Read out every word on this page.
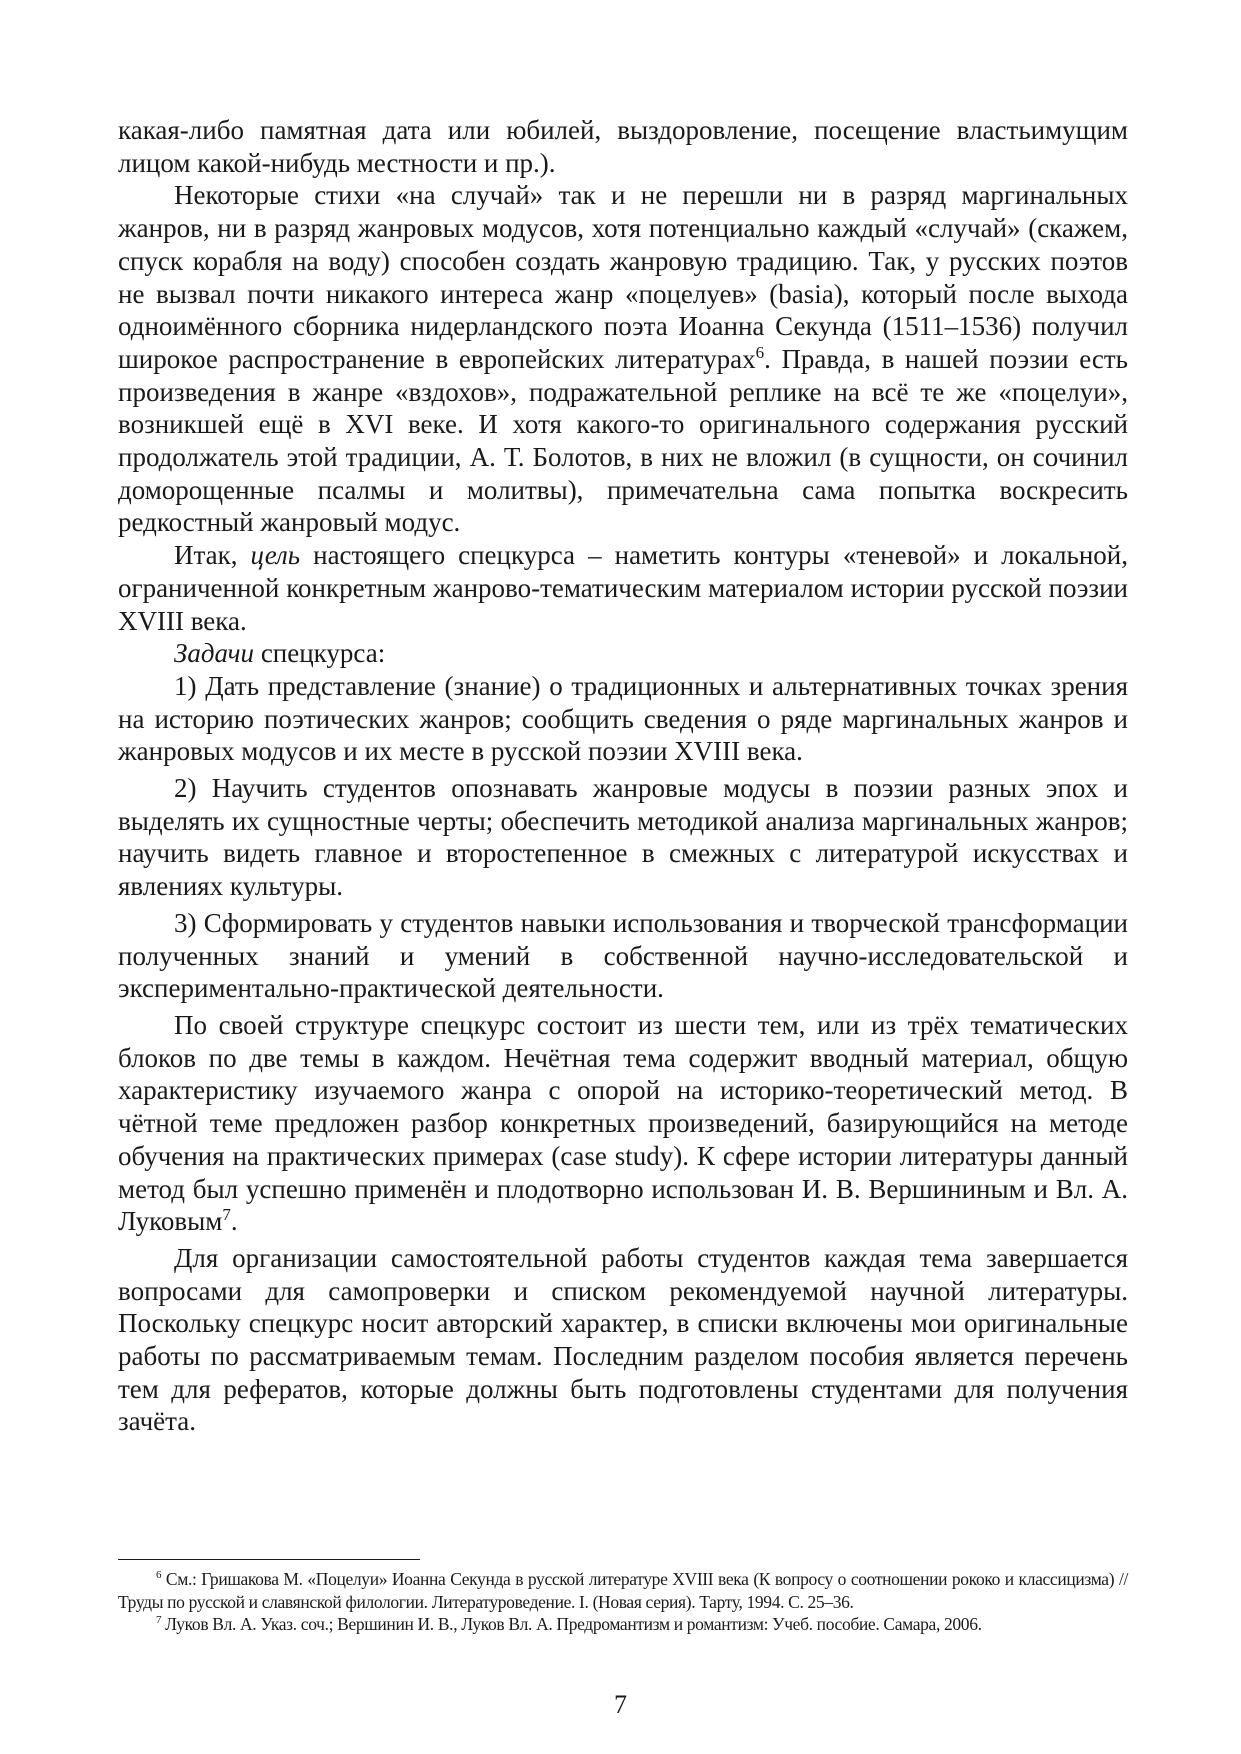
какая-либо памятная дата или юбилей, выздоровление, посещение властьимущим лицом какой-нибудь местности и пр.).

Некоторые стихи «на случай» так и не перешли ни в разряд маргинальных жанров, ни в разряд жанровых модусов, хотя потенциально каждый «случай» (скажем, спуск корабля на воду) способен создать жанровую традицию. Так, у русских поэтов не вызвал почти никакого интереса жанр «поцелуев» (basia), который после выхода одноимённого сборника нидерландского поэта Иоанна Секунда (1511–1536) получил широкое распространение в европейских литературах$^6$. Правда, в нашей поэзии есть произведения в жанре «вздохов», подражательной реплике на всё те же «поцелуи», возникшей ещё в XVI веке. И хотя какого-то оригинального содержания русский продолжатель этой традиции, А. Т. Болотов, в них не вложил (в сущности, он сочинил доморощенные псалмы и молитвы), примечательна сама попытка воскресить редкостный жанровый модус.

Итак, цель настоящего спецкурса – наметить контуры «теневой» и локальной, ограниченной конкретным жанрово-тематическим материалом истории русской поэзии XVIII века.

Задачи спецкурса:

1) Дать представление (знание) о традиционных и альтернативных точках зрения на историю поэтических жанров; сообщить сведения о ряде маргинальных жанров и жанровых модусов и их месте в русской поэзии XVIII века.

2) Научить студентов опознавать жанровые модусы в поэзии разных эпох и выделять их сущностные черты; обеспечить методикой анализа маргинальных жанров; научить видеть главное и второстепенное в смежных с литературой искусствах и явлениях культуры.

3) Сформировать у студентов навыки использования и творческой трансформации полученных знаний и умений в собственной научно-исследовательской и экспериментально-практической деятельности.

По своей структуре спецкурс состоит из шести тем, или из трёх тематических блоков по две темы в каждом. Нечётная тема содержит вводный материал, общую характеристику изучаемого жанра с опорой на историко-теоретический метод. В чётной теме предложен разбор конкретных произведений, базирующийся на методе обучения на практических примерах (case study). К сфере истории литературы данный метод был успешно применён и плодотворно использован И. В. Вершининым и Вл. А. Луковым$^7$.

Для организации самостоятельной работы студентов каждая тема завершается вопросами для самопроверки и списком рекомендуемой научной литературы. Поскольку спецкурс носит авторский характер, в списки включены мои оригинальные работы по рассматриваемым темам. Последним разделом пособия является перечень тем для рефератов, которые должны быть подготовлены студентами для получения зачёта.

$^6$ См.: Гришакова М. «Поцелуи» Иоанна Секунда в русской литературе XVIII века (К вопросу о соотношении рококо и классицизма) // Труды по русской и славянской филологии. Литературоведение. I. (Новая серия). Тарту, 1994. С. 25–36.

$^7$ Луков Вл. А. Указ. соч.; Вершинин И. В., Луков Вл. А. Предромантизм и романтизм: Учеб. пособие. Самара, 2006.

7
